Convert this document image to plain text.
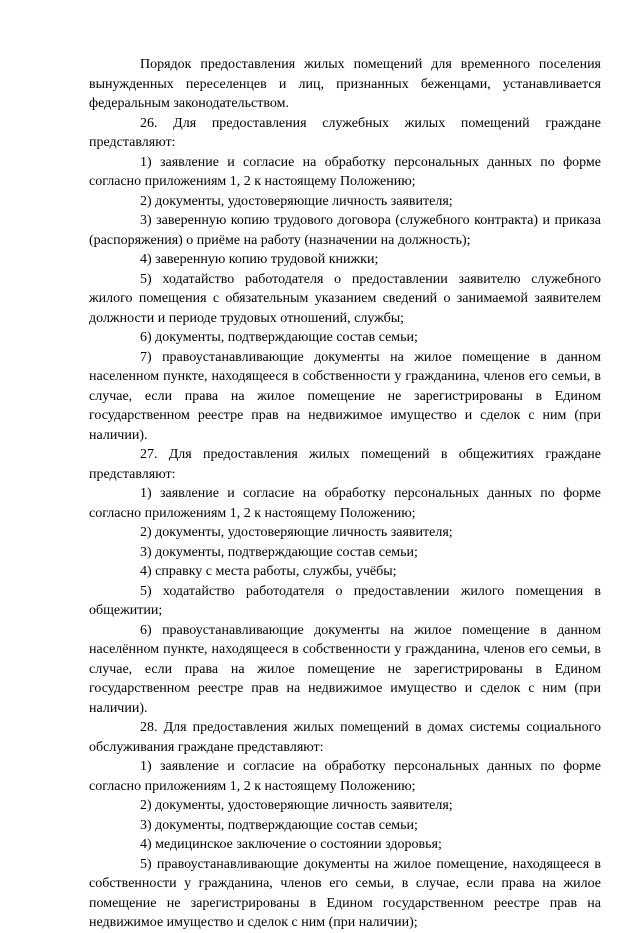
Порядок предоставления жилых помещений для временного поселения вынужденных переселенцев и лиц, признанных беженцами, устанавливается федеральным законодательством.

26. Для предоставления служебных жилых помещений граждане представляют:

1) заявление и согласие на обработку персональных данных по форме согласно приложениям 1, 2 к настоящему Положению;

2) документы, удостоверяющие личность заявителя;

3) заверенную копию трудового договора (служебного контракта) и приказа (распоряжения) о приёме на работу (назначении на должность);

4) заверенную копию трудовой книжки;

5) ходатайство работодателя о предоставлении заявителю служебного жилого помещения с обязательным указанием сведений о занимаемой заявителем должности и периоде трудовых отношений, службы;

6) документы, подтверждающие состав семьи;

7) правоустанавливающие документы на жилое помещение в данном населенном пункте, находящееся в собственности у гражданина, членов его семьи, в случае, если права на жилое помещение не зарегистрированы в Едином государственном реестре прав на недвижимое имущество и сделок с ним (при наличии).

27. Для предоставления жилых помещений в общежитиях граждане представляют:

1) заявление и согласие на обработку персональных данных по форме согласно приложениям 1, 2 к настоящему Положению;

2) документы, удостоверяющие личность заявителя;

3) документы, подтверждающие состав семьи;

4) справку с места работы, службы, учёбы;

5) ходатайство работодателя о предоставлении жилого помещения в общежитии;

6) правоустанавливающие документы на жилое помещение в данном населённом пункте, находящееся в собственности у гражданина, членов его семьи, в случае, если права на жилое помещение не зарегистрированы в Едином государственном реестре прав на недвижимое имущество и сделок с ним (при наличии).

28. Для предоставления жилых помещений в домах системы социального обслуживания граждане представляют:

1) заявление и согласие на обработку персональных данных по форме согласно приложениям 1, 2 к настоящему Положению;

2) документы, удостоверяющие личность заявителя;

3) документы, подтверждающие состав семьи;

4) медицинское заключение о состоянии здоровья;

5) правоустанавливающие документы на жилое помещение, находящееся в собственности у гражданина, членов его семьи, в случае, если права на жилое помещение не зарегистрированы в Едином государственном реестре прав на недвижимое имущество и сделок с ним (при наличии);
